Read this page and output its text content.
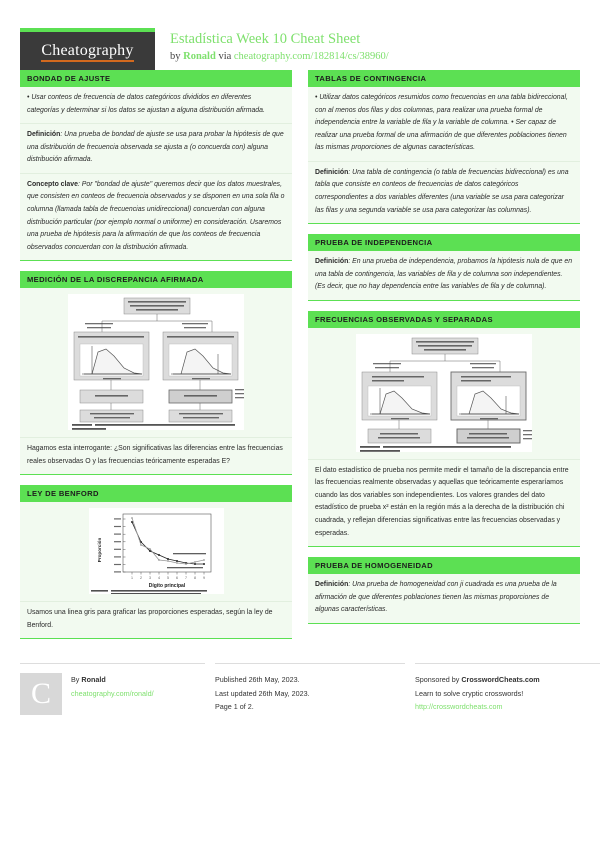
Cheatography
Estadística Week 10 Cheat Sheet
by Ronald via cheatography.com/182814/cs/38960/
BONDAD DE AJUSTE
• Usar conteos de frecuencia de datos categóricos divididos en diferentes categorías y determinar si los datos se ajustan a alguna distribución afirmada.
Definición: Una prueba de bondad de ajuste se usa para probar la hipótesis de que una distribución de frecuencia observada se ajusta a (o concuerda con) alguna distribución afirmada.
Concepto clave: Por "bondad de ajuste" queremos decir que los datos muestrales, que consisten en conteos de frecuencia observados y se disponen en una sola fila o columna (llamada tabla de frecuencias unidireccional) concuerdan con alguna distribución particular (por ejemplo normal o uniforme) en consideración. Usaremos una prueba de hipótesis para la afirmación de que los conteos de frecuencia observados concuerdan con la distribución afirmada.
MEDICIÓN DE LA DISCREPANCIA AFIRMADA
Hagamos esta interrogante: ¿Son significativas las diferencias entre las frecuencias reales observadas O y las frecuencias teóricamente esperadas E?
LEY DE BENFORD
1 2 3 4 5 6 7 8 9
Proporción
Dígito principal
Usamos una linea gris para graficar las proporciones esperadas, según la ley de Benford.
TABLAS DE CONTINGENCIA
• Utilizar datos categóricos resumidos como frecuencias en una tabla bidireccional, con al menos dos filas y dos columnas, para realizar una prueba formal de independencia entre la variable de fila y la variable de columna. • Ser capaz de realizar una prueba formal de una afirmación de que diferentes poblaciones tienen las mismas proporciones de algunas características.
Definición: Una tabla de contingencia (o tabla de frecuencias bidireccional) es una tabla que consiste en conteos de frecuencias de datos categóricos correspondientes a dos variables diferentes (una variable se usa para categorizar las filas y una segunda variable se usa para categorizar las columnas).
PRUEBA DE INDEPENDENCIA
Definición: En una prueba de independencia, probamos la hipótesis nula de que en una tabla de contingencia, las variables de fila y de columna son independientes. (Es decir, que no hay dependencia entre las variables de fila y de columna).
FRECUENCIAS OBSERVADAS Y SEPARADAS
El dato estadístico de prueba nos permite medir el tamaño de la discrepancia entre las frecuencias realmente observadas y aquellas que teóricamente esperaríamos cuando las dos variables son independientes. Los valores grandes del dato estadístico de prueba x² están en la región más a la derecha de la distribución chi cuadrada, y reflejan diferencias significativas entre las frecuencias observadas y esperadas.
PRUEBA DE HOMOGENEIDAD
Definición: Una prueba de homogeneidad con ji cuadrada es una prueba de la afirmación de que diferentes poblaciones tienen las mismas proporciones de algunas características.
C	By Ronald
cheatography.com/ronald/
Published 26th May, 2023.
Last updated 26th May, 2023.
Page 1 of 2.
Sponsored by CrosswordCheats.com
Learn to solve cryptic crosswords!
http://crosswordcheats.com
